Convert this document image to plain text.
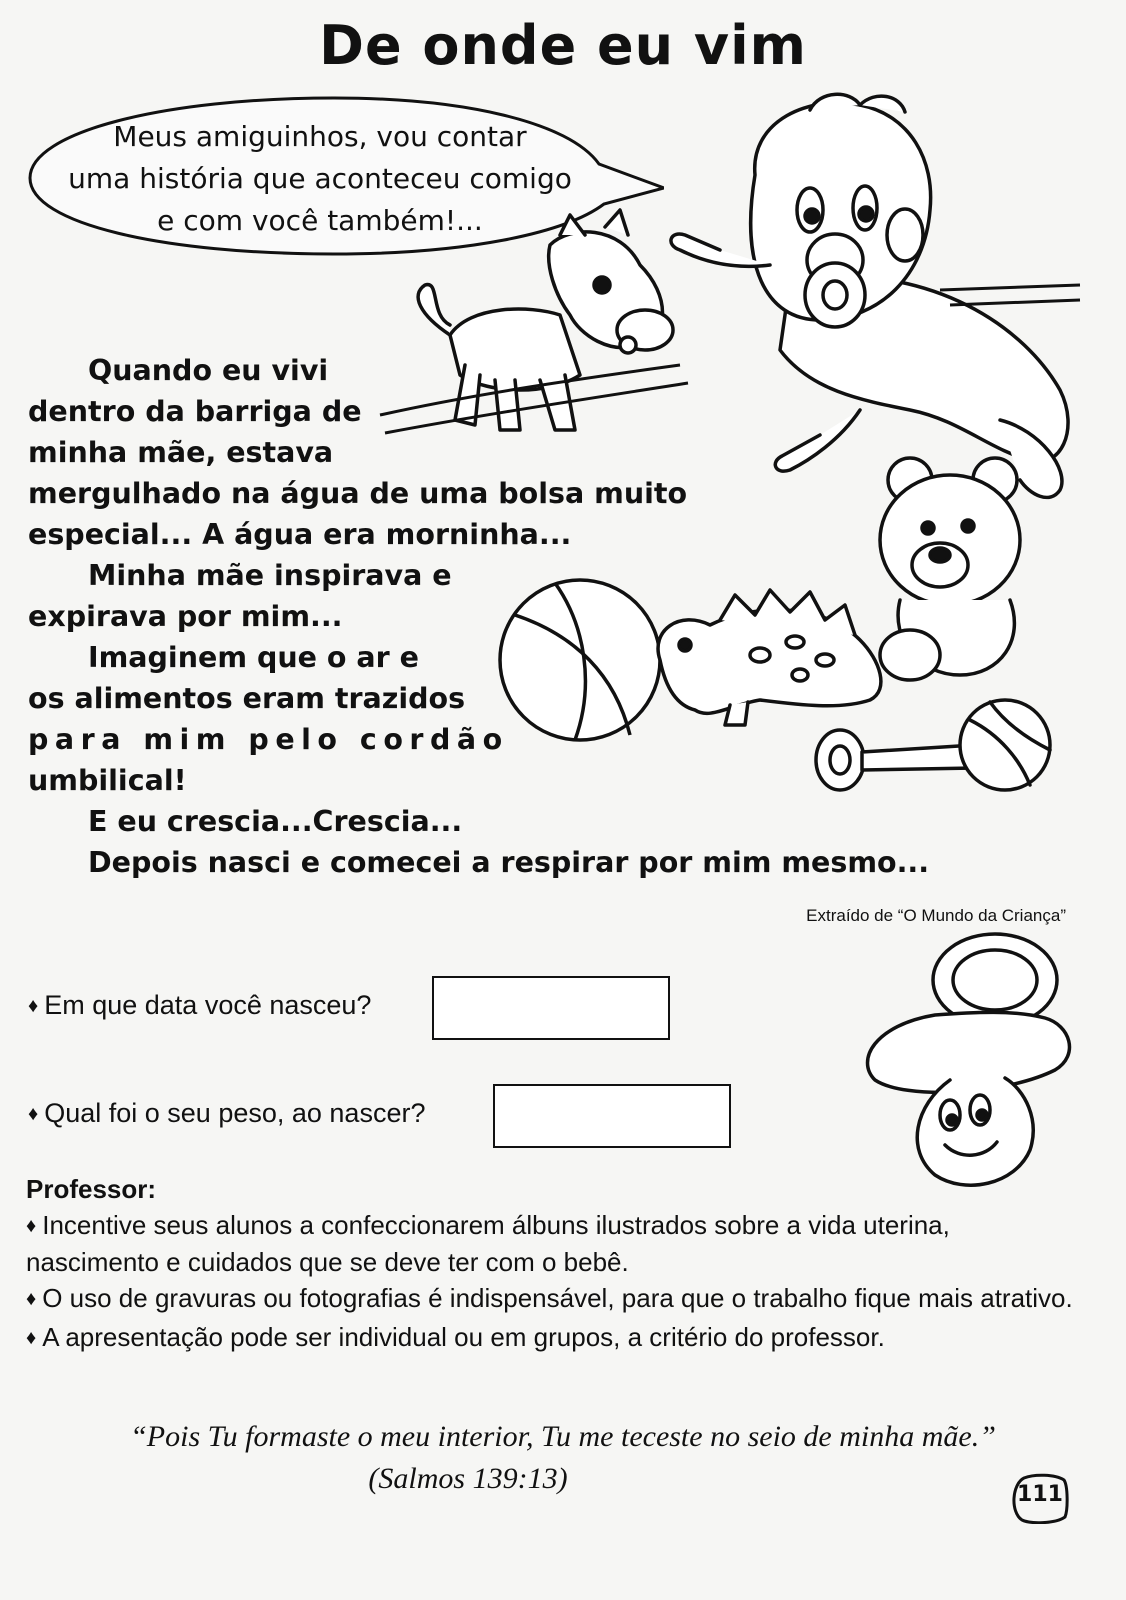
De onde eu vim

Meus amiguinhos, vou contar
uma história que aconteceu comigo
e com você também!...

Quando eu vivi
dentro da barriga de
minha mãe, estava
mergulhado na água de uma bolsa muito
especial... A água era morninha...
Minha mãe inspirava e
expirava por mim...
Imaginem que o ar e
os alimentos eram trazidos
para mim pelo cordão
umbilical!
E eu crescia...Crescia...
Depois nasci e comecei a respirar por mim mesmo...

Extraído de “O Mundo da Criança”

♦ Em que data você nasceu?

♦ Qual foi o seu peso, ao nascer?

Professor:

♦ Incentive seus alunos a confeccionarem álbuns ilustrados sobre a vida uterina, nascimento e cuidados que se deve ter com o bebê.
♦ O uso de gravuras ou fotografias é indispensável, para que o trabalho fique mais atrativo.
♦ A apresentação pode ser individual ou em grupos, a critério do professor.

“Pois Tu formaste o meu interior, Tu me teceste no seio de minha mãe.”
(Salmos 139:13)	111
